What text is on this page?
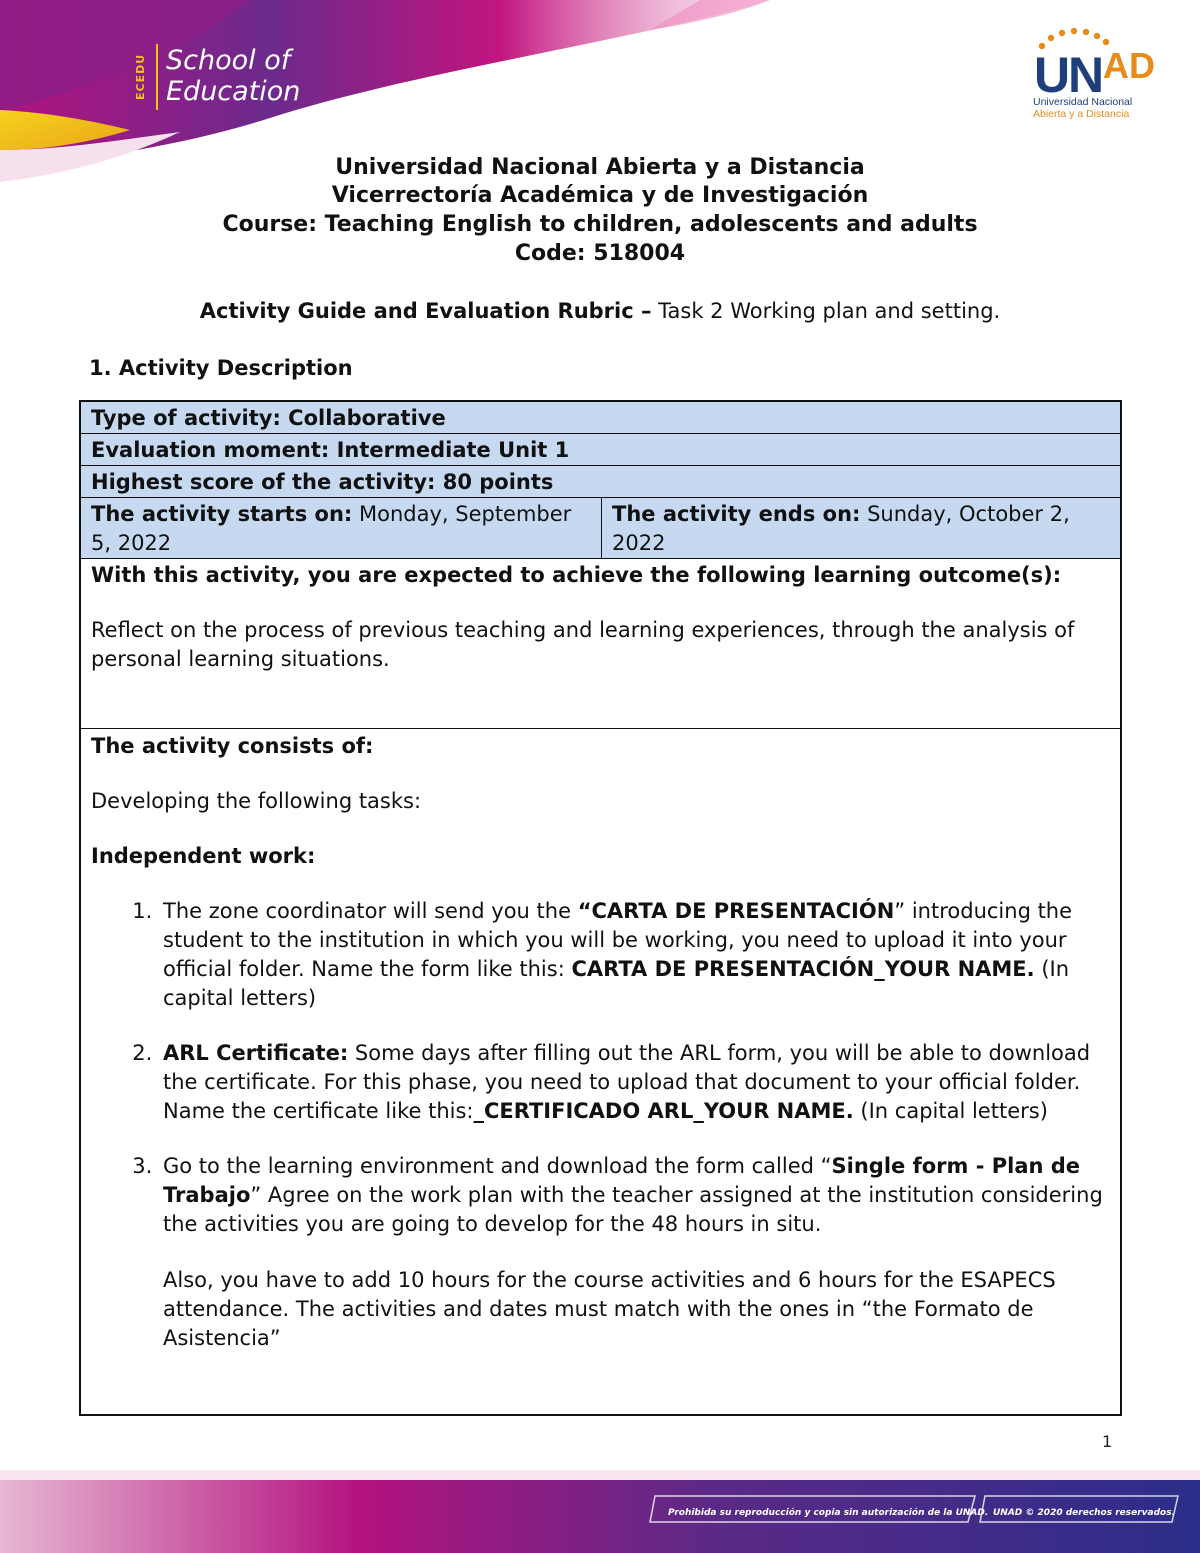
ECEDU School of
Education	U
N
AD
Universidad Nacional
Abierta y a Distancia
Universidad Nacional Abierta y a Distancia
Vicerrectoría Académica y de Investigación
Course: Teaching English to children, adolescents and adults
Code: 518004
Activity Guide and Evaluation Rubric – Task 2 Working plan and setting.
1. Activity Description
Type of activity: Collaborative
Evaluation moment: Intermediate Unit 1
Highest score of the activity: 80 points
The activity starts on: Monday, September 5, 2022
The activity ends on: Sunday, October 2, 2022
With this activity, you are expected to achieve the following learning outcome(s):
Reflect on the process of previous teaching and learning experiences, through the analysis of personal learning situations.
The activity consists of:
Developing the following tasks:
Independent work:
1. The zone coordinator will send you the “CARTA DE PRESENTACIÓN” introducing the student to the institution in which you will be working, you need to upload it into your official folder. Name the form like this: CARTA DE PRESENTACIÓN_YOUR NAME. (In capital letters)
2. ARL Certificate: Some days after filling out the ARL form, you will be able to download the certificate. For this phase, you need to upload that document to your official folder. Name the certificate like this:_CERTIFICADO ARL_YOUR NAME. (In capital letters)
3. Go to the learning environment and download the form called “Single form - Plan de Trabajo” Agree on the work plan with the teacher assigned at the institution considering the activities you are going to develop for the 48 hours in situ.
Also, you have to add 10 hours for the course activities and 6 hours for the ESAPECS attendance. The activities and dates must match with the ones in “the Formato de Asistencia”
1
Prohibida su reproducción y copia sin autorización de la UNAD. UNAD © 2020 derechos reservados.
